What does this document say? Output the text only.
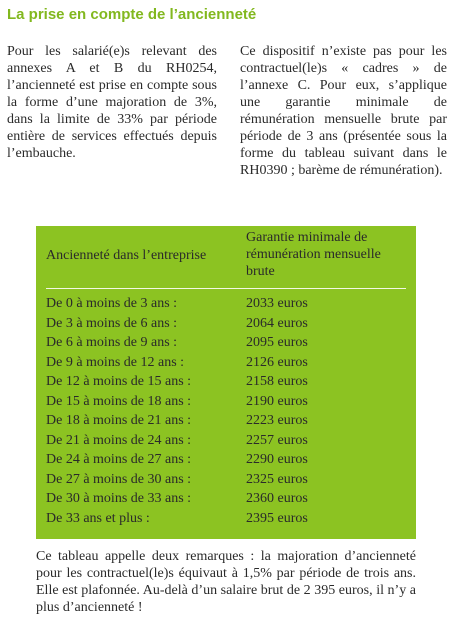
La prise en compte de l’ancienneté

Pour les salarié(e)s relevant des annexes A et B du RH0254, l’ancienneté est prise en compte sous la forme d’une majoration de 3%, dans la limite de 33% par période entière de services effectués depuis l’embauche.

Ce dispositif n’existe pas pour les contractuel(le)s « cadres » de l’annexe C. Pour eux, s’applique une garantie minimale de rémunération mensuelle brute par période de 3 ans (présentée sous la forme du tableau suivant dans le RH0390 ; barème de rémunération).

Ancienneté dans l’entreprise
Garantie minimale de rémunération mensuelle brute
De 0 à moins de 3 ans :	2033 euros
De 3 à moins de 6 ans :	2064 euros
De 6 à moins de 9 ans :	2095 euros
De 9 à moins de 12 ans :	2126 euros
De 12 à moins de 15 ans :	2158 euros
De 15 à moins de 18 ans :	2190 euros
De 18 à moins de 21 ans :	2223 euros
De 21 à moins de 24 ans :	2257 euros
De 24 à moins de 27 ans :	2290 euros
De 27 à moins de 30 ans :	2325 euros
De 30 à moins de 33 ans :	2360 euros
De 33 ans et plus :	2395 euros

Ce tableau appelle deux remarques : la majoration d’ancienneté pour les contractuel(le)s équivaut à 1,5% par période de trois ans. Elle est plafonnée. Au-delà d’un salaire brut de 2 395 euros, il n’y a plus d’ancienneté !
